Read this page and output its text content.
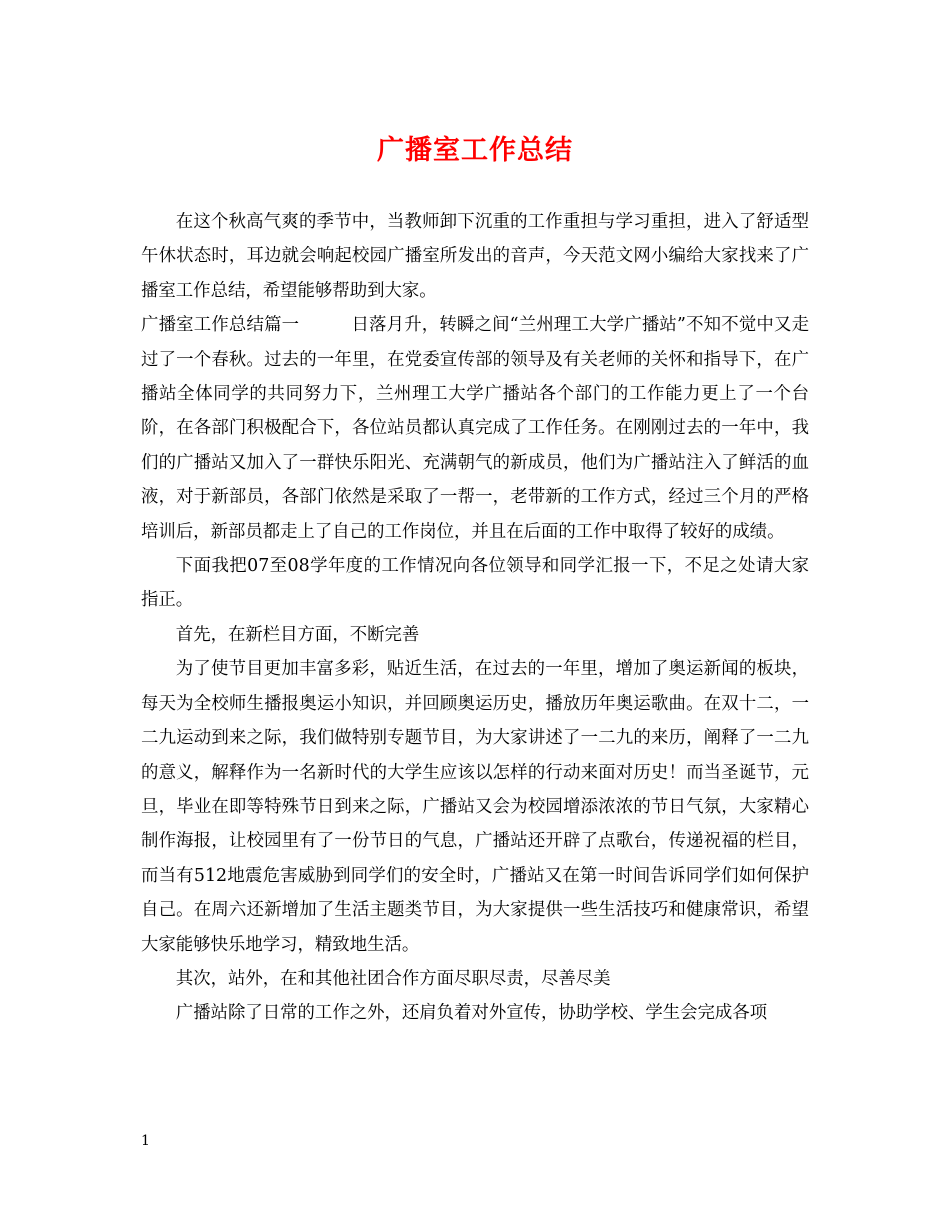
广播室工作总结

在这个秋高气爽的季节中，当教师卸下沉重的工作重担与学习重担，进入了舒适型午休状态时，耳边就会响起校园广播室所发出的音声，今天范文网小编给大家找来了广播室工作总结，希望能够帮助到大家。

广播室工作总结篇一	日落月升，转瞬之间“兰州理工大学广播站”不知不觉中又走过了一个春秋。过去的一年里，在党委宣传部的领导及有关老师的关怀和指导下，在广播站全体同学的共同努力下，兰州理工大学广播站各个部门的工作能力更上了一个台阶，在各部门积极配合下，各位站员都认真完成了工作任务。在刚刚过去的一年中，我们的广播站又加入了一群快乐阳光、充满朝气的新成员，他们为广播站注入了鲜活的血液，对于新部员，各部门依然是采取了一帮一，老带新的工作方式，经过三个月的严格培训后，新部员都走上了自己的工作岗位，并且在后面的工作中取得了较好的成绩。

下面我把07至08学年度的工作情况向各位领导和同学汇报一下，不足之处请大家指正。

首先，在新栏目方面，不断完善

为了使节目更加丰富多彩，贴近生活，在过去的一年里，增加了奥运新闻的板块，每天为全校师生播报奥运小知识，并回顾奥运历史，播放历年奥运歌曲。在双十二，一二九运动到来之际，我们做特别专题节目，为大家讲述了一二九的来历，阐释了一二九的意义，解释作为一名新时代的大学生应该以怎样的行动来面对历史！而当圣诞节，元旦，毕业在即等特殊节日到来之际，广播站又会为校园增添浓浓的节日气氛，大家精心制作海报，让校园里有了一份节日的气息，广播站还开辟了点歌台，传递祝福的栏目，而当有512地震危害威胁到同学们的安全时，广播站又在第一时间告诉同学们如何保护自己。在周六还新增加了生活主题类节目，为大家提供一些生活技巧和健康常识，希望大家能够快乐地学习，精致地生活。

其次，站外，在和其他社团合作方面尽职尽责，尽善尽美

广播站除了日常的工作之外，还肩负着对外宣传，协助学校、学生会完成各项

1
